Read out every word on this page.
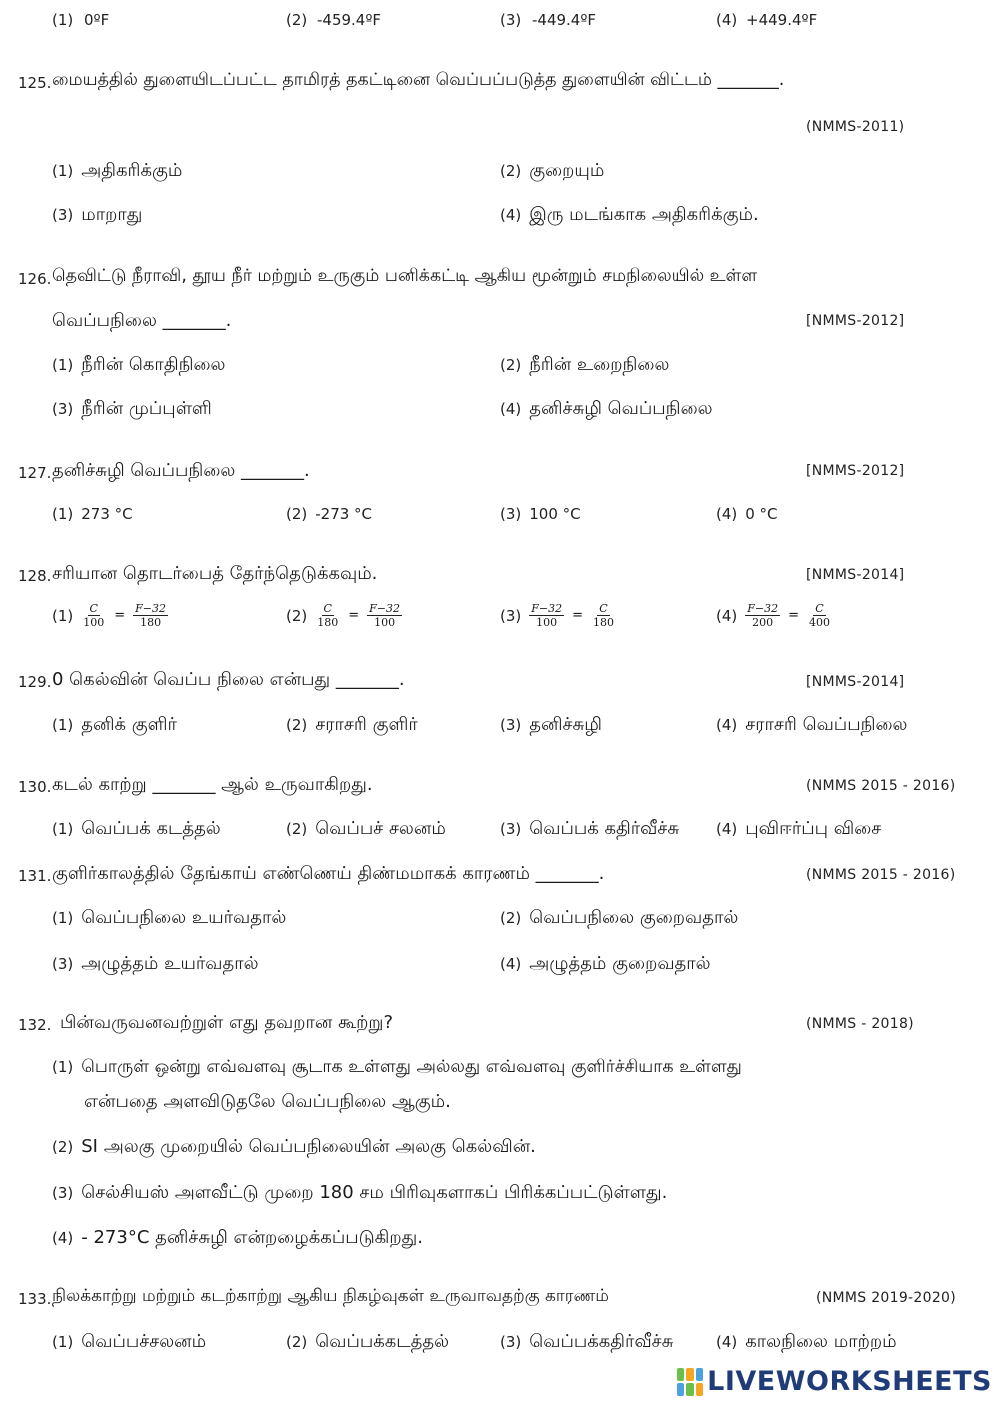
(1) 0ºF	(2) -459.4ºF	(3) -449.4ºF	(4) +449.4ºF
125. மையத்தில் துளையிடப்பட்ட தாமிரத் தகட்டினை வெப்பப்படுத்த துளையின் விட்டம் _______.
(NMMS-2011)
(1) அதிகரிக்கும்	(2) குறையும்
(3) மாறாது	(4) இரு மடங்காக அதிகரிக்கும்.
126. தெவிட்டு நீராவி, தூய நீர் மற்றும் உருகும் பனிக்கட்டி ஆகிய மூன்றும் சமநிலையில் உள்ள
வெப்பநிலை _______.	[NMMS-2012]
(1) நீரின் கொதிநிலை	(2) நீரின் உறைநிலை
(3) நீரின் முப்புள்ளி	(4) தனிச்சுழி வெப்பநிலை
127. தனிச்சுழி வெப்பநிலை _______.	[NMMS-2012]
(1) 273 °C	(2) -273 °C	(3) 100 °C	(4) 0 °C
128. சரியான தொடர்பைத் தேர்ந்தெடுக்கவும்.	[NMMS-2014]
$(1) \frac{C}{100} = \frac{F-32}{180}$	$(2) \frac{C}{180} = \frac{F-32}{100}$	$(3) \frac{F-32}{100} = \frac{C}{180}$	$(4) \frac{F-32}{200} = \frac{C}{400}$
129. 0 கெல்வின் வெப்ப நிலை என்பது _______.	[NMMS-2014]
(1) தனிக் குளிர்	(2) சராசரி குளிர்	(3) தனிச்சுழி	(4) சராசரி வெப்பநிலை
130. கடல் காற்று _______ ஆல் உருவாகிறது.	(NMMS 2015 - 2016)
(1) வெப்பக் கடத்தல்	(2) வெப்பச் சலனம்	(3) வெப்பக் கதிர்வீச்சு (4) புவிஈர்ப்பு விசை
131. குளிர்காலத்தில் தேங்காய் எண்ணெய் திண்மமாகக் காரணம் _______.	(NMMS 2015 - 2016)
(1) வெப்பநிலை உயர்வதால்	(2) வெப்பநிலை குறைவதால்
(3) அழுத்தம் உயர்வதால்	(4) அழுத்தம் குறைவதால்
132. பின்வருவனவற்றுள் எது தவறான கூற்று?	(NMMS - 2018)
(1) பொருள் ஒன்று எவ்வளவு சூடாக உள்ளது அல்லது எவ்வளவு குளிர்ச்சியாக உள்ளது
என்பதை அளவிடுதலே வெப்பநிலை ஆகும்.
(2) SI அலகு முறையில் வெப்பநிலையின் அலகு கெல்வின்.
(3) செல்சியஸ் அளவீட்டு முறை 180 சம பிரிவுகளாகப் பிரிக்கப்பட்டுள்ளது.
(4) - 273°C தனிச்சுழி என்றழைக்கப்படுகிறது.
133. நிலக்காற்று மற்றும் கடற்காற்று ஆகிய நிகழ்வுகள் உருவாவதற்கு காரணம்	(NMMS 2019-2020)
(1) வெப்பச்சலனம்	(2) வெப்பக்கடத்தல்	(3) வெப்பக்கதிர்வீச்சு	(4) காலநிலை மாற்றம்
LIVEWORKSHEETS
